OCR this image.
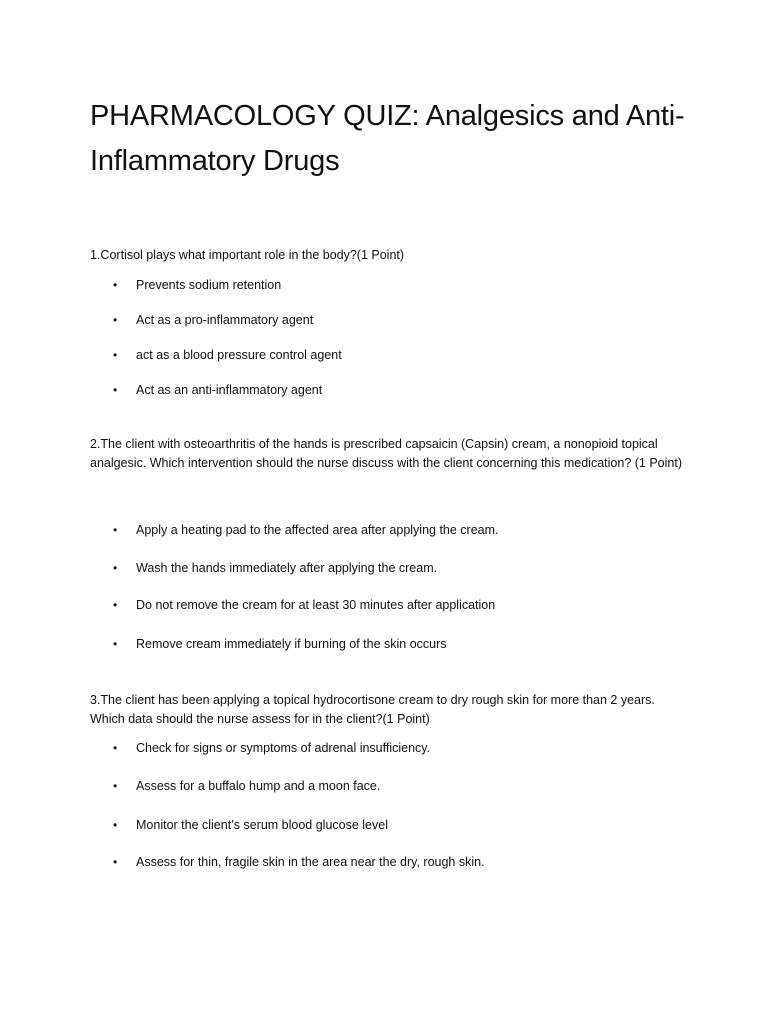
PHARMACOLOGY QUIZ: Analgesics and Anti-Inflammatory Drugs

1.Cortisol plays what important role in the body?(1 Point)

• Prevents sodium retention
• Act as a pro-inflammatory agent
• act as a blood pressure control agent
• Act as an anti-inflammatory agent

2.The client with osteoarthritis of the hands is prescribed capsaicin (Capsin) cream, a nonopioid topical analgesic. Which intervention should the nurse discuss with the client concerning this medication? (1 Point)

• Apply a heating pad to the affected area after applying the cream.
• Wash the hands immediately after applying the cream.
• Do not remove the cream for at least 30 minutes after application
• Remove cream immediately if burning of the skin occurs

3.The client has been applying a topical hydrocortisone cream to dry rough skin for more than 2 years. Which data should the nurse assess for in the client?(1 Point)

• Check for signs or symptoms of adrenal insufficiency.
• Assess for a buffalo hump and a moon face.
• Monitor the client’s serum blood glucose level
• Assess for thin, fragile skin in the area near the dry, rough skin.
